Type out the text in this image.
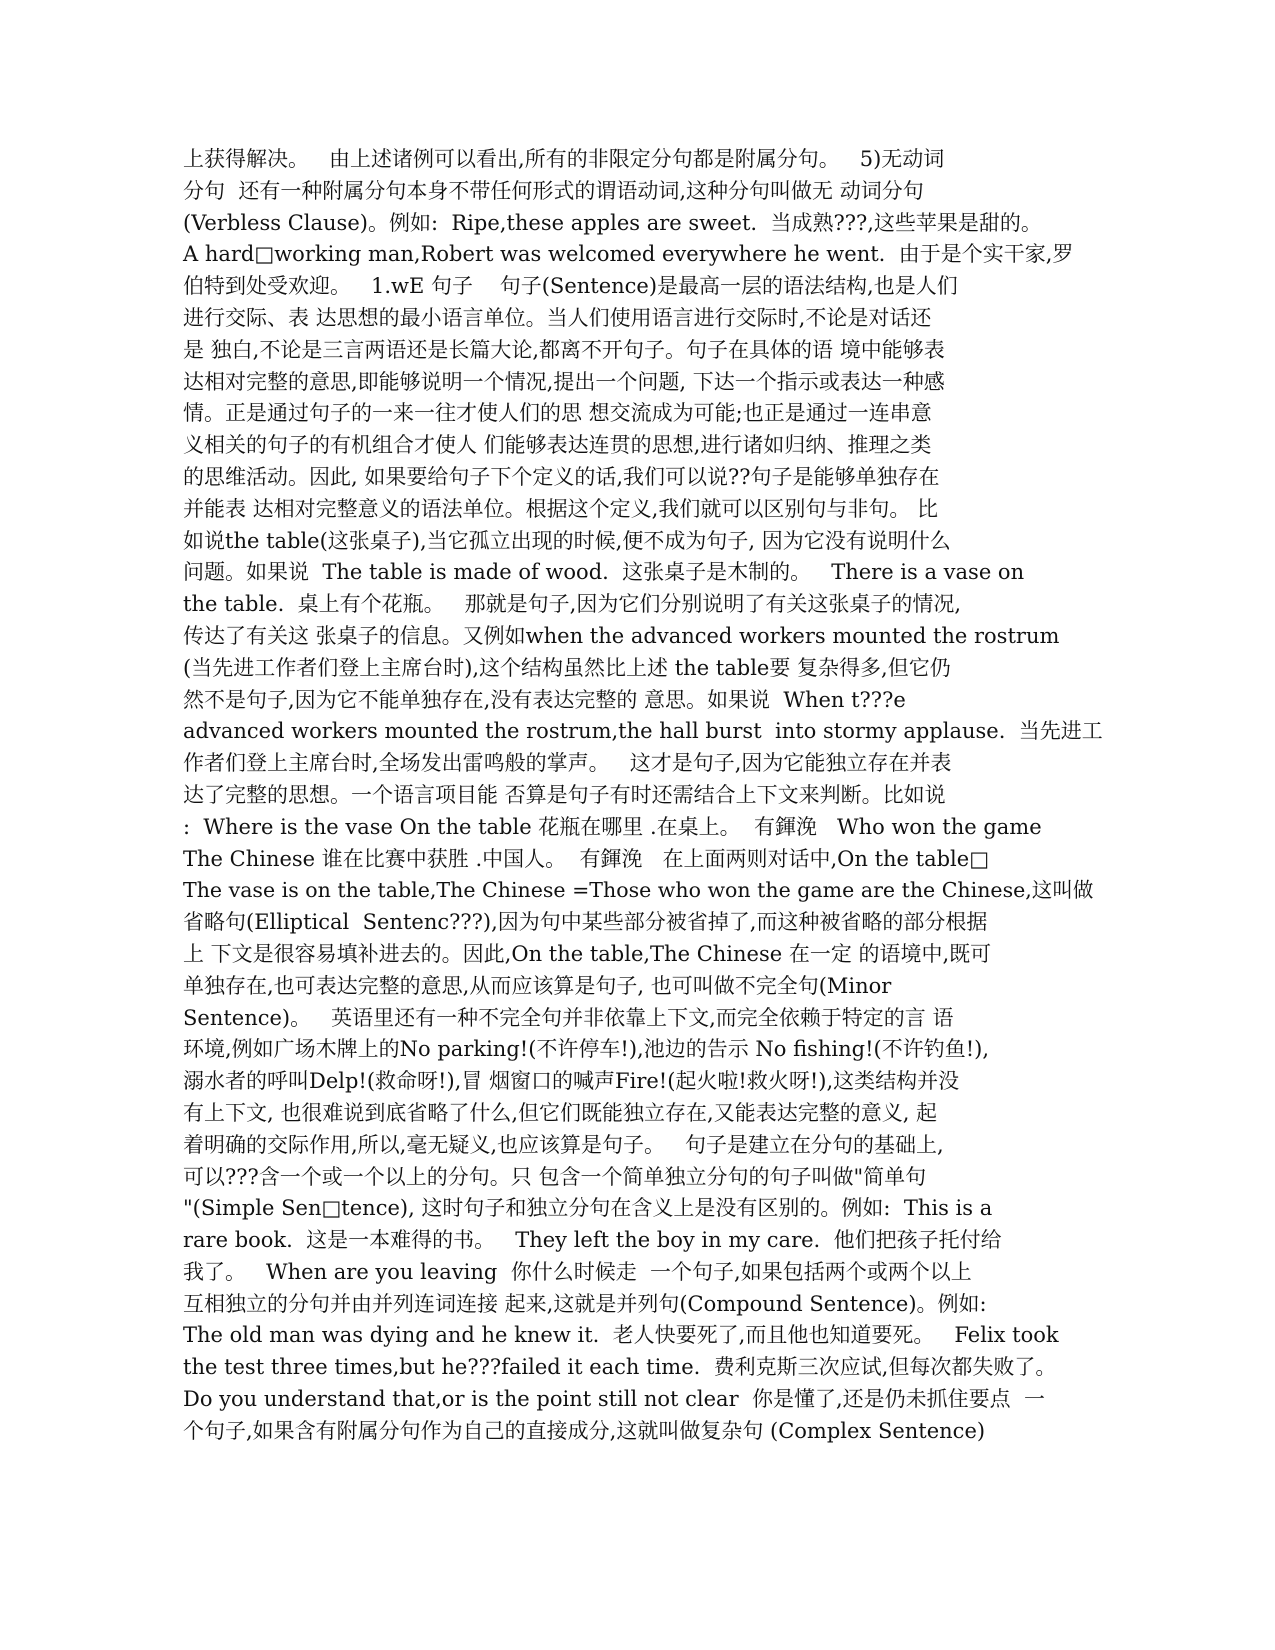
上获得解决。   由上述诸例可以看出,所有的非限定分句都是附属分句。   5)无动词
分句  还有一种附属分句本身不带任何形式的谓语动词,这种分句叫做无 动词分句
(Verbless Clause)。例如:  Ripe,these apples are sweet.  当成熟???,这些苹果是甜的。
A hard□working man,Robert was welcomed everywhere he went.  由于是个实干家,罗
伯特到处受欢迎。   1.wE 句子    句子(Sentence)是最高一层的语法结构,也是人们
进行交际、表 达思想的最小语言单位。当人们使用语言进行交际时,不论是对话还
是 独白,不论是三言两语还是长篇大论,都离不开句子。句子在具体的语 境中能够表
达相对完整的意思,即能够说明一个情况,提出一个问题, 下达一个指示或表达一种感
情。正是通过句子的一来一往才使人们的思 想交流成为可能;也正是通过一连串意
义相关的句子的有机组合才使人 们能够表达连贯的思想,进行诸如归纳、推理之类
的思维活动。因此, 如果要给句子下个定义的话,我们可以说??句子是能够单独存在
并能表 达相对完整意义的语法单位。根据这个定义,我们就可以区别句与非句。 比
如说the table(这张桌子),当它孤立出现的时候,便不成为句子, 因为它没有说明什么
问题。如果说  The table is made of wood.  这张桌子是木制的。   There is a vase on
the table.  桌上有个花瓶。   那就是句子,因为它们分别说明了有关这张桌子的情况,
传达了有关这 张桌子的信息。又例如when the advanced workers mounted the rostrum
(当先进工作者们登上主席台时),这个结构虽然比上述 the table要 复杂得多,但它仍
然不是句子,因为它不能单独存在,没有表达完整的 意思。如果说  When t???e
advanced workers mounted the rostrum,the hall burst  into stormy applause.  当先进工
作者们登上主席台时,全场发出雷鸣般的掌声。   这才是句子,因为它能独立存在并表
达了完整的思想。一个语言项目能 否算是句子有时还需结合上下文来判断。比如说
:  Where is the vase On the table 花瓶在哪里 .在桌上。  有鍕浼   Who won the game
The Chinese 谁在比赛中获胜 .中国人。  有鍕浼   在上面两则对话中,On the table□
The vase is on the table,The Chinese =Those who won the game are the Chinese,这叫做
省略句(Elliptical  Sentenc???),因为句中某些部分被省掉了,而这种被省略的部分根据
上 下文是很容易填补进去的。因此,On the table,The Chinese 在一定 的语境中,既可
单独存在,也可表达完整的意思,从而应该算是句子, 也可叫做不完全句(Minor
Sentence)。   英语里还有一种不完全句并非依靠上下文,而完全依赖于特定的言 语
环境,例如广场木牌上的No parking!(不许停车!),池边的告示 No fishing!(不许钓鱼!),
溺水者的呼叫Delp!(救命呀!),冒 烟窗口的喊声Fire!(起火啦!救火呀!),这类结构并没
有上下文, 也很难说到底省略了什么,但它们既能独立存在,又能表达完整的意义, 起
着明确的交际作用,所以,毫无疑义,也应该算是句子。   句子是建立在分句的基础上,
可以???含一个或一个以上的分句。只 包含一个简单独立分句的句子叫做"简单句
"(Simple Sen□tence), 这时句子和独立分句在含义上是没有区别的。例如:  This is a
rare book.  这是一本难得的书。   They left the boy in my care.  他们把孩子托付给
我了。   When are you leaving  你什么时候走  一个句子,如果包括两个或两个以上
互相独立的分句并由并列连词连接 起来,这就是并列句(Compound Sentence)。例如:
The old man was dying and he knew it.  老人快要死了,而且他也知道要死。   Felix took
the test three times,but he???failed it each time.  费利克斯三次应试,但每次都失败了。
Do you understand that,or is the point still not clear  你是懂了,还是仍未抓住要点  一
个句子,如果含有附属分句作为自己的直接成分,这就叫做复杂句 (Complex Sentence)
